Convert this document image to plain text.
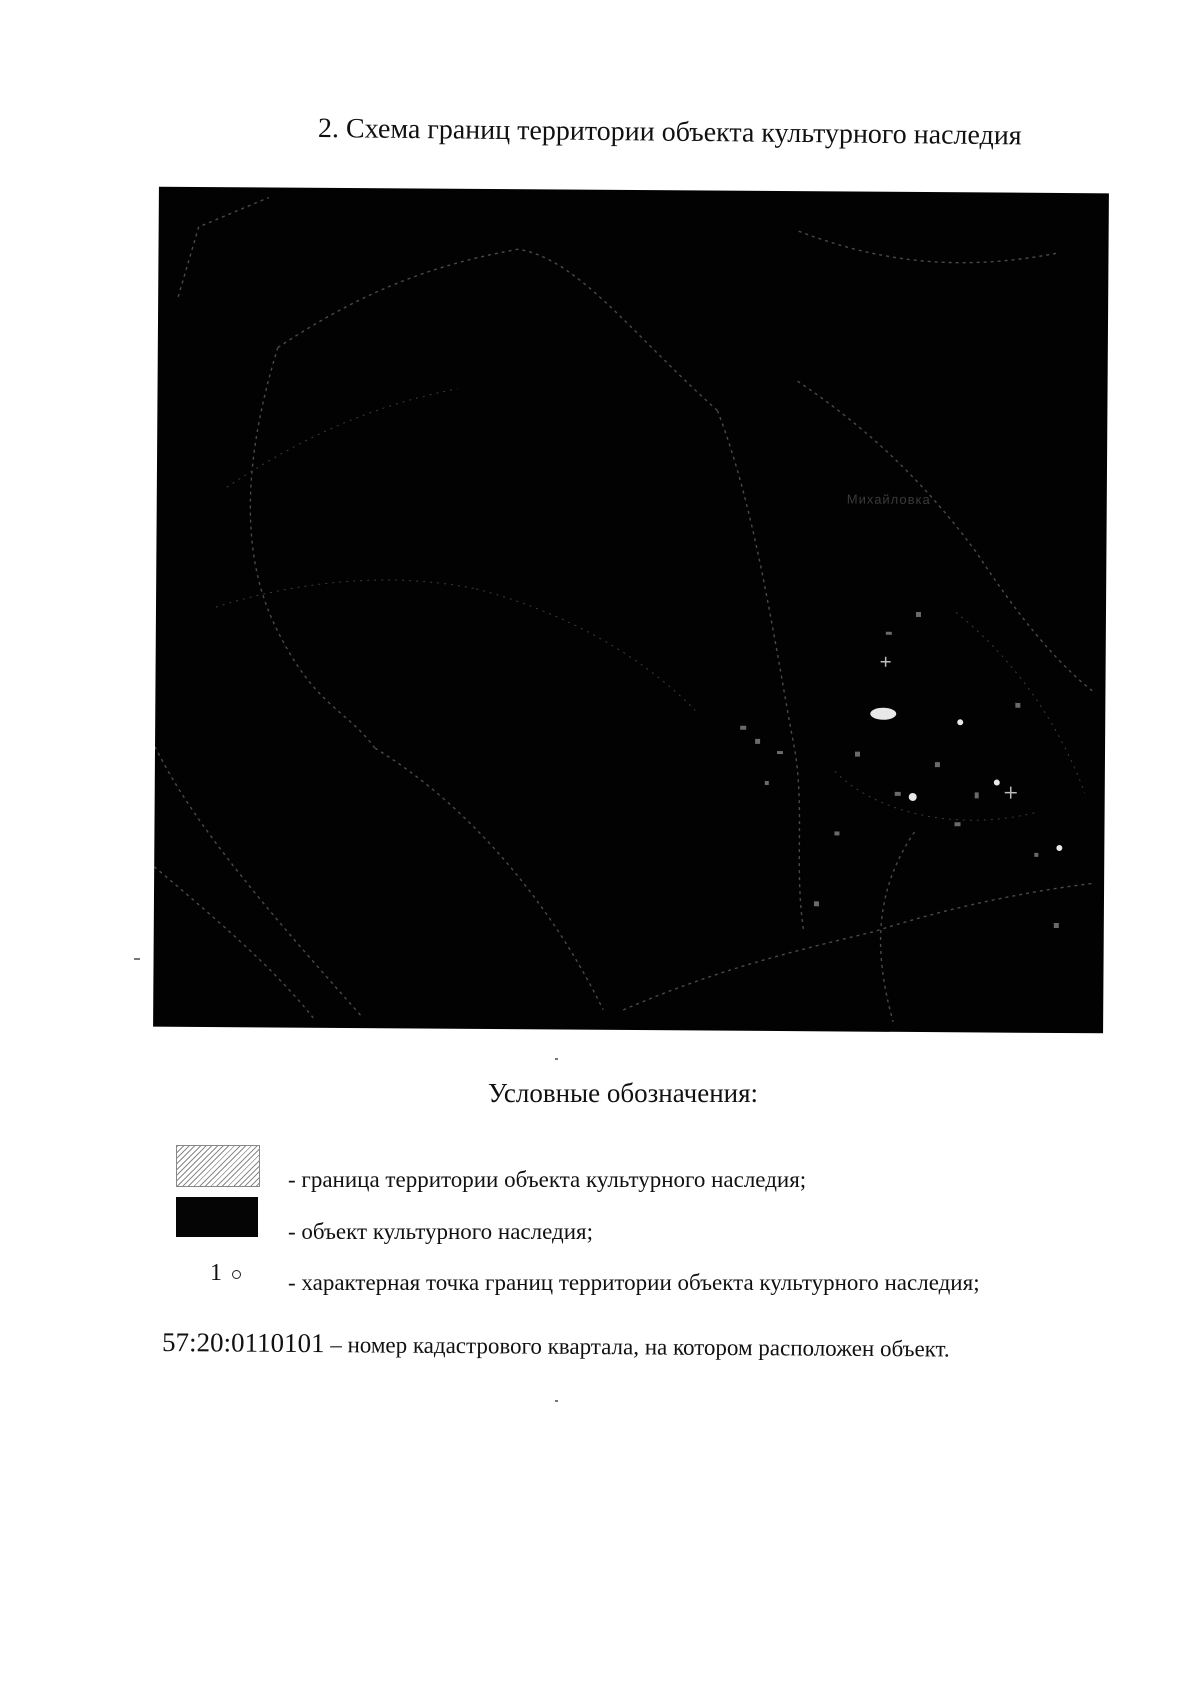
2. Схема границ территории объекта культурного наследия
Михайловка
Условные обозначения:
- граница территории объекта культурного наследия;
- объект культурного наследия;
1	- характерная точка границ территории объекта культурного наследия;
57:20:0110101 – номер кадастрового квартала, на котором расположен объект.
